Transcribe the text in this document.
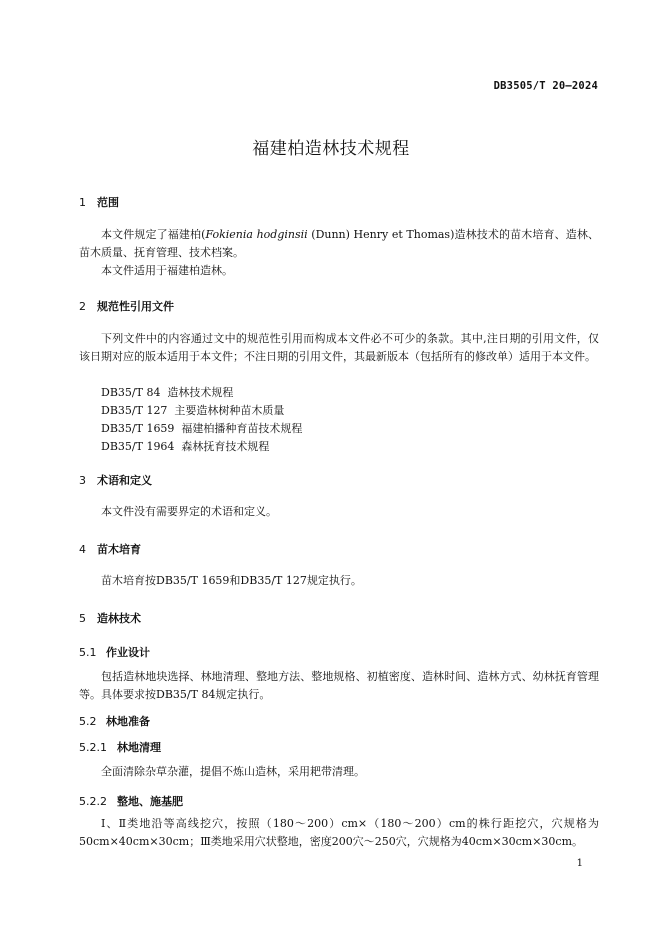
DB3505/T 20—2024
福建柏造林技术规程
1 范围
本文件规定了福建柏(Fokienia hodginsii (Dunn) Henry et Thomas)造林技术的苗木培育、造林、苗木质量、抚育管理、技术档案。
本文件适用于福建柏造林。
2 规范性引用文件
下列文件中的内容通过文中的规范性引用而构成本文件必不可少的条款。其中,注日期的引用文件，仅该日期对应的版本适用于本文件；不注日期的引用文件，其最新版本（包括所有的修改单）适用于本文件。
DB35/T 84  造林技术规程
DB35/T 127  主要造林树种苗木质量
DB35/T 1659  福建柏播种育苗技术规程
DB35/T 1964  森林抚育技术规程
3 术语和定义
本文件没有需要界定的术语和定义。
4 苗木培育
苗木培育按DB35/T 1659和DB35/T 127规定执行。
5 造林技术
5.1 作业设计
包括造林地块选择、林地清理、整地方法、整地规格、初植密度、造林时间、造林方式、幼林抚育管理等。具体要求按DB35/T 84规定执行。
5.2 林地准备
5.2.1 林地清理
全面清除杂草杂灌，提倡不炼山造林，采用耙带清理。
5.2.2 整地、施基肥
Ⅰ、Ⅱ类地沿等高线挖穴，按照（180～200）cm×（180～200）cm的株行距挖穴，穴规格为50cm×40cm×30cm；Ⅲ类地采用穴状整地，密度200穴～250穴，穴规格为40cm×30cm×30cm。
1
